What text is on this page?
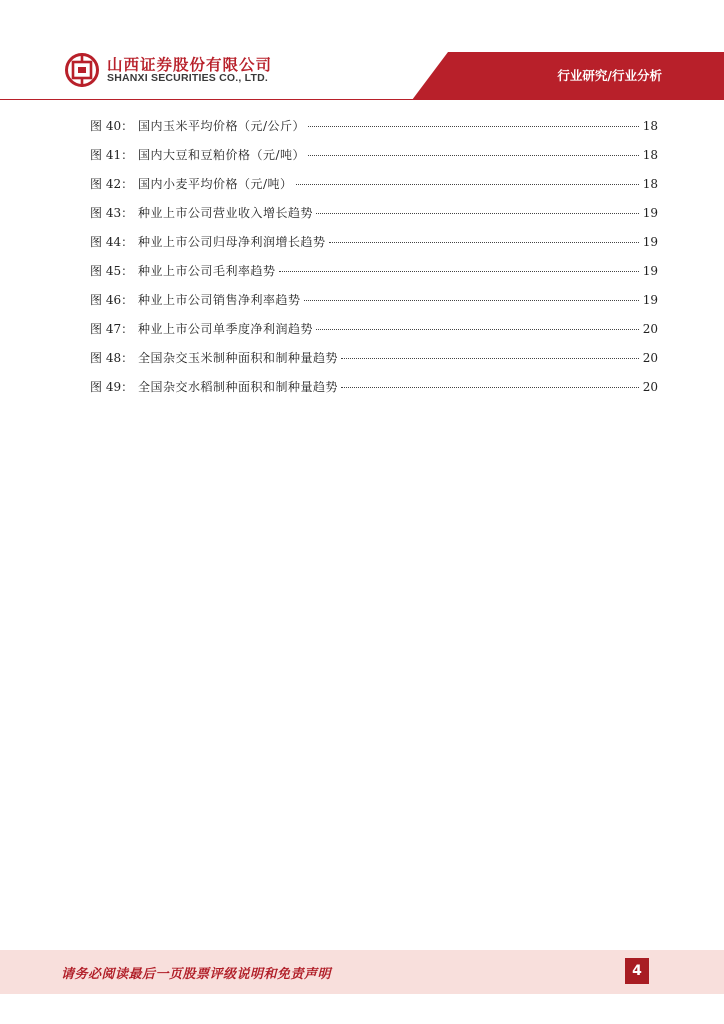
山西证券股份有限公司
SHANXI SECURITIES CO., LTD.	行业研究/行业分析
图 40： 国内玉米平均价格（元/公斤）	18
图 41： 国内大豆和豆粕价格（元/吨）	18
图 42： 国内小麦平均价格（元/吨）	18
图 43： 种业上市公司营业收入增长趋势	19
图 44： 种业上市公司归母净利润增长趋势	19
图 45： 种业上市公司毛利率趋势	19
图 46： 种业上市公司销售净利率趋势	19
图 47： 种业上市公司单季度净利润趋势	20
图 48： 全国杂交玉米制种面积和制种量趋势	20
图 49： 全国杂交水稻制种面积和制种量趋势	20
请务必阅读最后一页股票评级说明和免责声明	4
